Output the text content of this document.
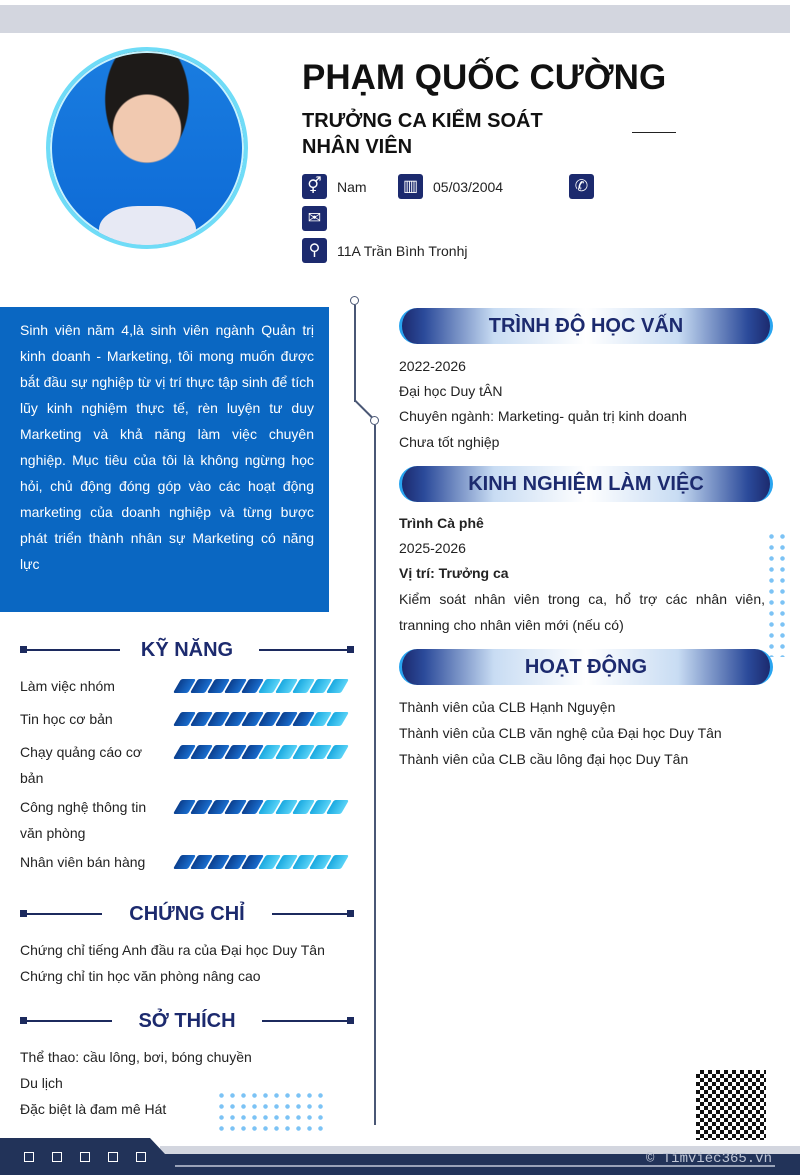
PHẠM QUỐC CƯỜNG
TRƯỞNG CA KIỂM SOÁT NHÂN VIÊN
⚥	Nam	▥	05/03/2004	✆
✉
⚲	11A Trần Bình Tronhj
Sinh viên năm 4,là sinh viên ngành Quản trị kinh doanh - Marketing, tôi mong muốn được bắt đầu sự nghiệp từ vị trí thực tập sinh để tích lũy kinh nghiệm thực tế, rèn luyện tư duy Marketing và khả năng làm việc chuyên nghiệp. Mục tiêu của tôi là không ngừng học hỏi, chủ động đóng góp vào các hoạt động marketing của doanh nghiệp và từng bược phát triển thành nhân sự Marketing có năng lực
KỸ NĂNG
Làm việc nhóm
Tin học cơ bản
Chạy quảng cáo cơ bản
Công nghệ thông tin văn phòng
Nhân viên bán hàng
CHỨNG CHỈ
Chứng chỉ tiếng Anh đầu ra của Đại học Duy Tân
Chứng chỉ tin học văn phòng nâng cao
SỞ THÍCH
Thể thao: cầu lông, bơi, bóng chuyền
Du lịch
Đặc biệt là đam mê Hát
TRÌNH ĐỘ HỌC VẤN
2022-2026
Đại học Duy tÂN
Chuyên ngành: Marketing- quản trị kinh doanh
Chưa tốt nghiệp
KINH NGHIỆM LÀM VIỆC
Trình Cà phê
2025-2026
Vị trí: Trưởng ca
Kiểm soát nhân viên trong ca, hổ trợ các nhân viên, tranning cho nhân viên mới (nếu có)
HOẠT ĐỘNG
Thành viên của CLB Hạnh Nguyện
Thành viên của CLB văn nghệ của Đại học Duy Tân
Thành viên của CLB cầu lông đại học Duy Tân
© Timviec365.vn
